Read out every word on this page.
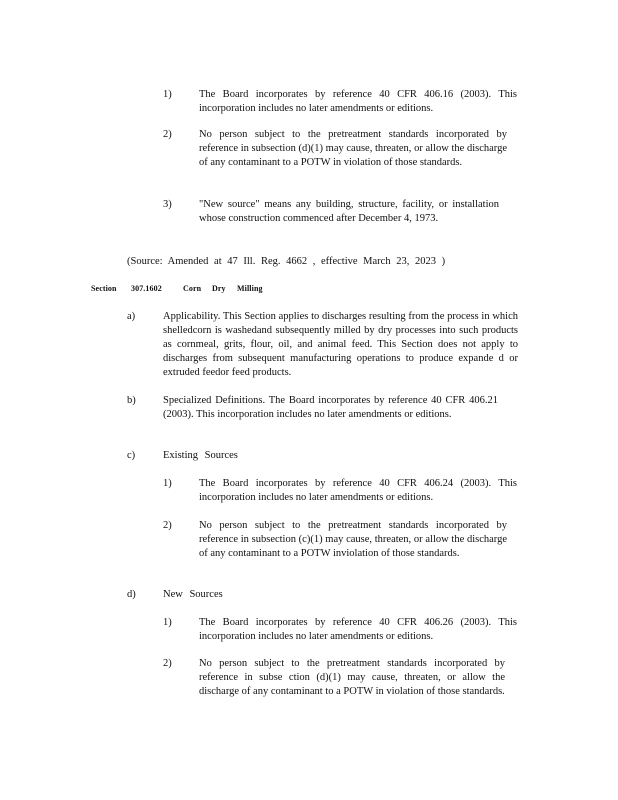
1)	The Board incorporates by reference 40 CFR 406.16 (2003). This incorporation includes no later amendments or editions.
2)	No person subject to the pretreatment standards incorporated by reference in subsection (d)(1) may cause, threaten, or allow the discharge of any contaminant to a POTW in violation of those standards.
3)	"New source" means any building, structure, facility, or installation whose construction commenced after December 4, 1973.
(Source: Amended at 47 Ill. Reg. 4662 , effective March 23, 2023 )
Section 307.1602	Corn Dry Milling
a)	Applicability. This Section applies to discharges resulting from the process in which shelledcorn is washedand subsequently milled by dry processes into such products as cornmeal, grits, flour, oil, and animal feed. This Section does not apply to discharges from subsequent manufacturing operations to produce expande d or extruded feedor feed products.
b)	Specialized Definitions. The Board incorporates by reference 40 CFR 406.21 (2003). This incorporation includes no later amendments or editions.
c)	Existing Sources
1)	The Board incorporates by reference 40 CFR 406.24 (2003). This incorporation includes no later amendments or editions.
2)	No person subject to the pretreatment standards incorporated by reference in subsection (c)(1) may cause, threaten, or allow the discharge of any contaminant to a POTW inviolation of those standards.
d)	New Sources
1)	The Board incorporates by reference 40 CFR 406.26 (2003). This incorporation includes no later amendments or editions.
2)	No person subject to the pretreatment standards incorporated by reference in subse ction (d)(1) may cause, threaten, or allow the discharge of any contaminant to a POTW in violation of those standards.
